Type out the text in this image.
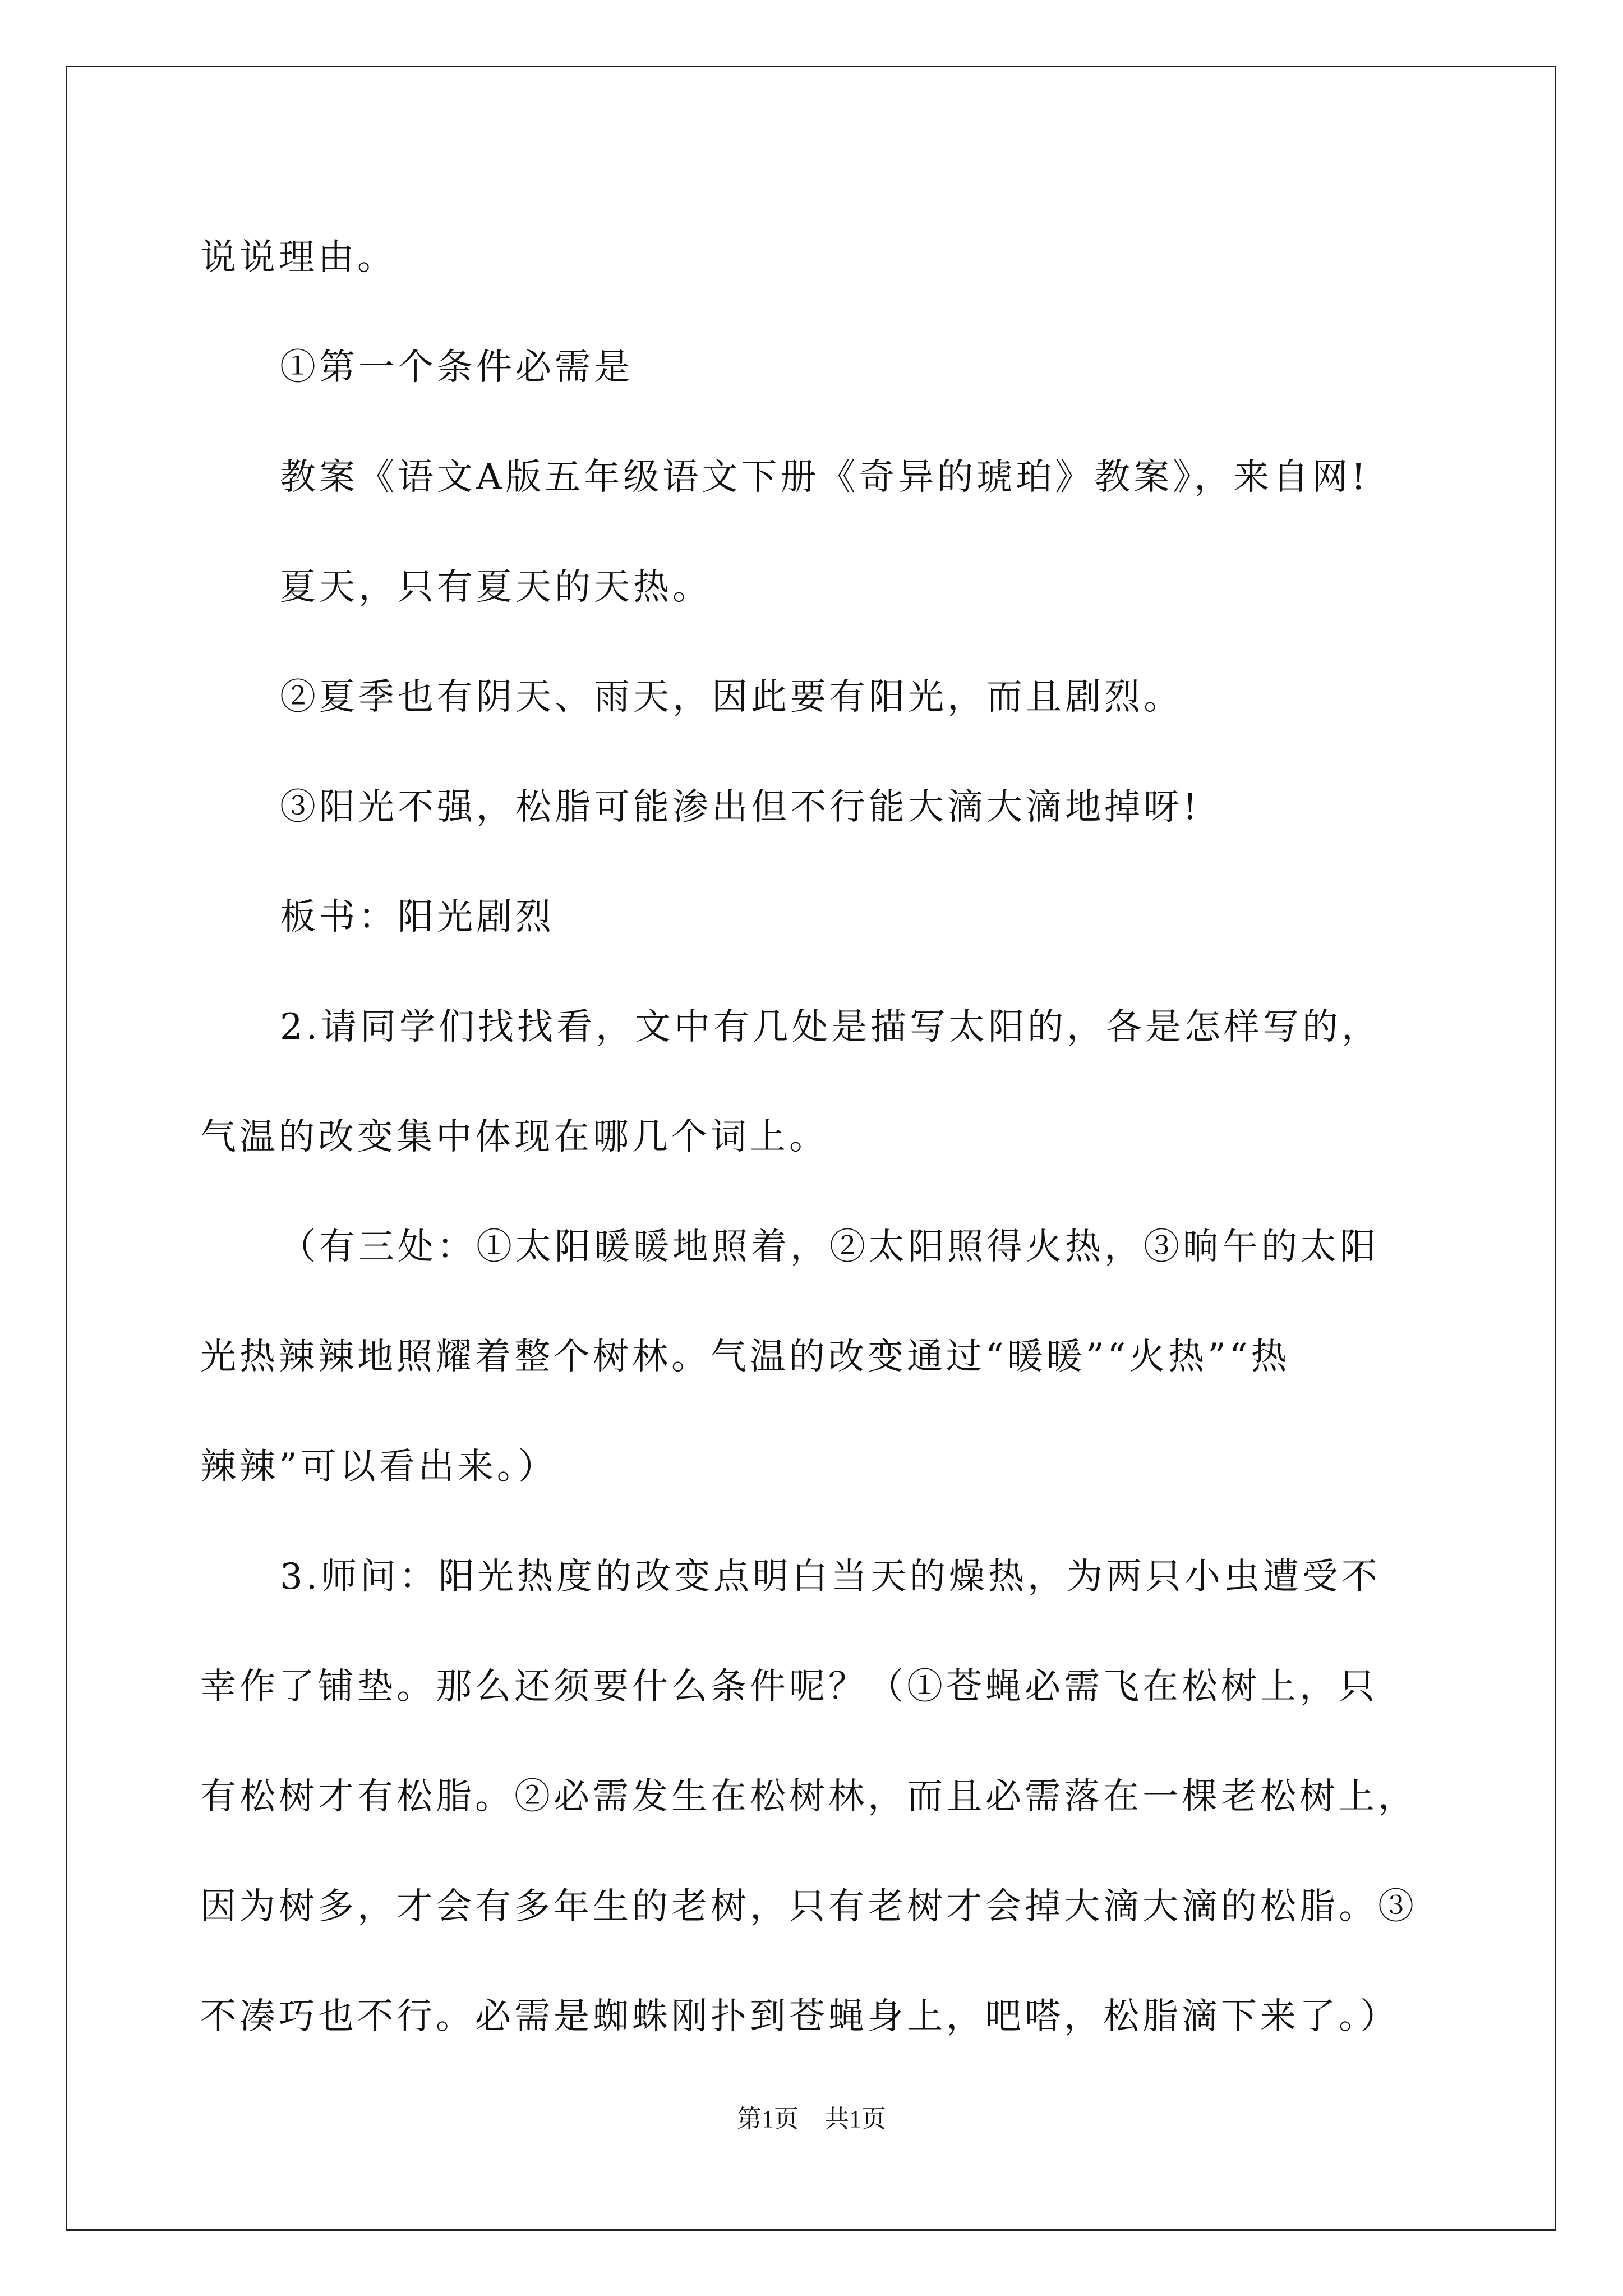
说说理由。

①第一个条件必需是

教案《语文A版五年级语文下册《奇异的琥珀》教案》，来自网!

夏天，只有夏天的天热。

②夏季也有阴天、雨天，因此要有阳光，而且剧烈。

③阳光不强，松脂可能渗出但不行能大滴大滴地掉呀!

板书：阳光剧烈

2.请同学们找找看，文中有几处是描写太阳的，各是怎样写的，

气温的改变集中体现在哪几个词上。

（有三处：①太阳暖暖地照着，②太阳照得火热，③晌午的太阳

光热辣辣地照耀着整个树林。气温的改变通过“暖暖”“火热”“热

辣辣”可以看出来。）

3.师问：阳光热度的改变点明白当天的燥热，为两只小虫遭受不

幸作了铺垫。那么还须要什么条件呢？（①苍蝇必需飞在松树上，只

有松树才有松脂。②必需发生在松树林，而且必需落在一棵老松树上，

因为树多，才会有多年生的老树，只有老树才会掉大滴大滴的松脂。③

不凑巧也不行。必需是蜘蛛刚扑到苍蝇身上，吧嗒，松脂滴下来了。）

第1页 共1页
